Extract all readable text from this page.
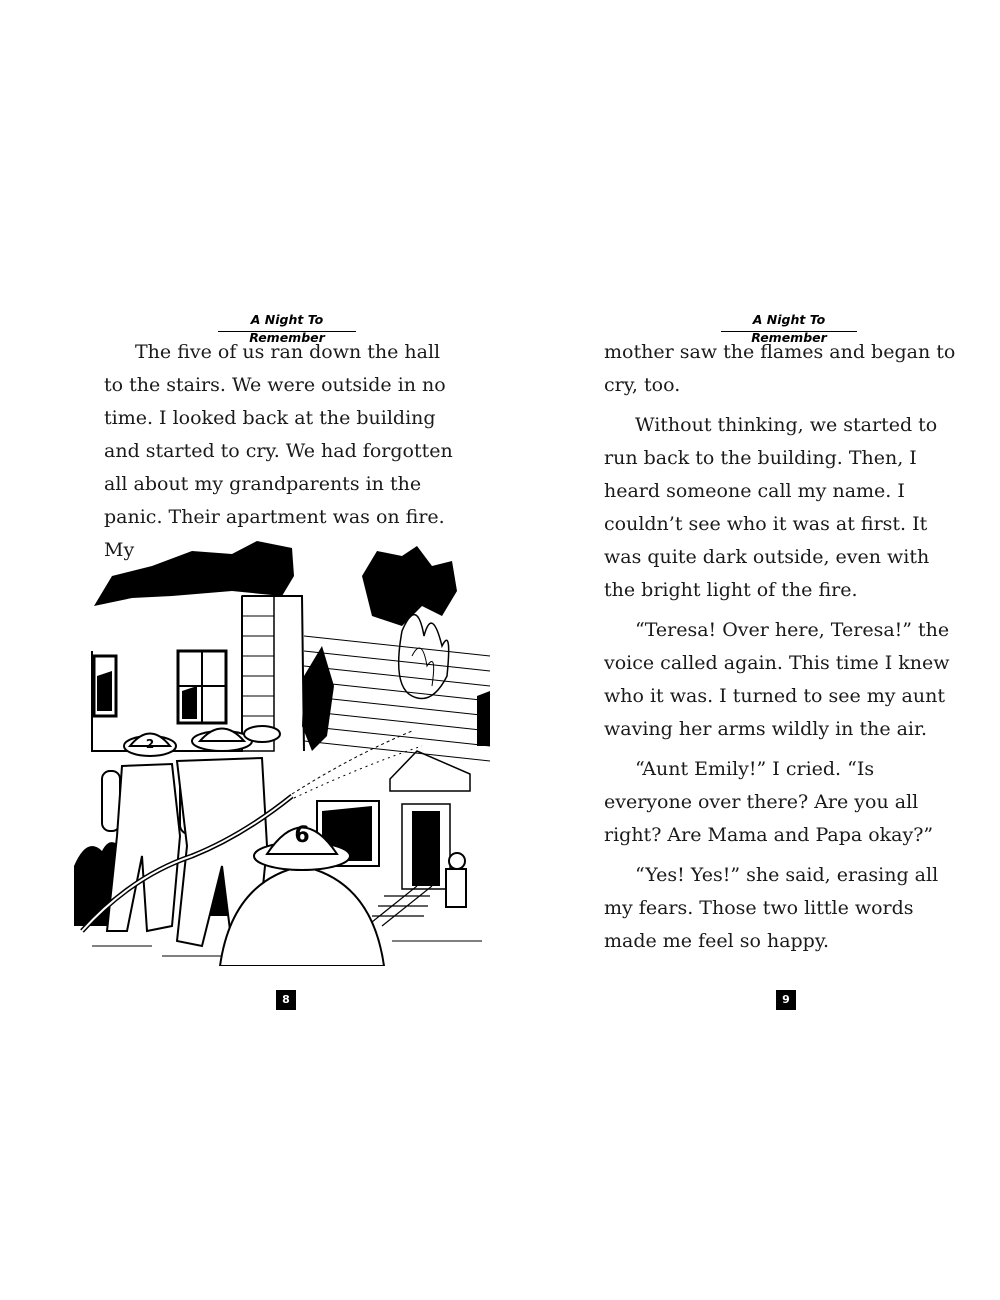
A Night To Remember

The five of us ran down the hall to the stairs. We were outside in no time. I looked back at the building and started to cry. We had forgotten all about my grandparents in the panic. Their apartment was on fire. My

6
2
8
A Night To Remember

mother saw the flames and began to cry, too.

Without thinking, we started to run back to the building. Then, I heard someone call my name. I couldn’t see who it was at first. It was quite dark outside, even with the bright light of the fire.

“Teresa! Over here, Teresa!” the voice called again. This time I knew who it was. I turned to see my aunt waving her arms wildly in the air.

“Aunt Emily!” I cried. “Is everyone over there? Are you all right? Are Mama and Papa okay?”

“Yes! Yes!” she said, erasing all my fears. Those two little words made me feel so happy.

9
